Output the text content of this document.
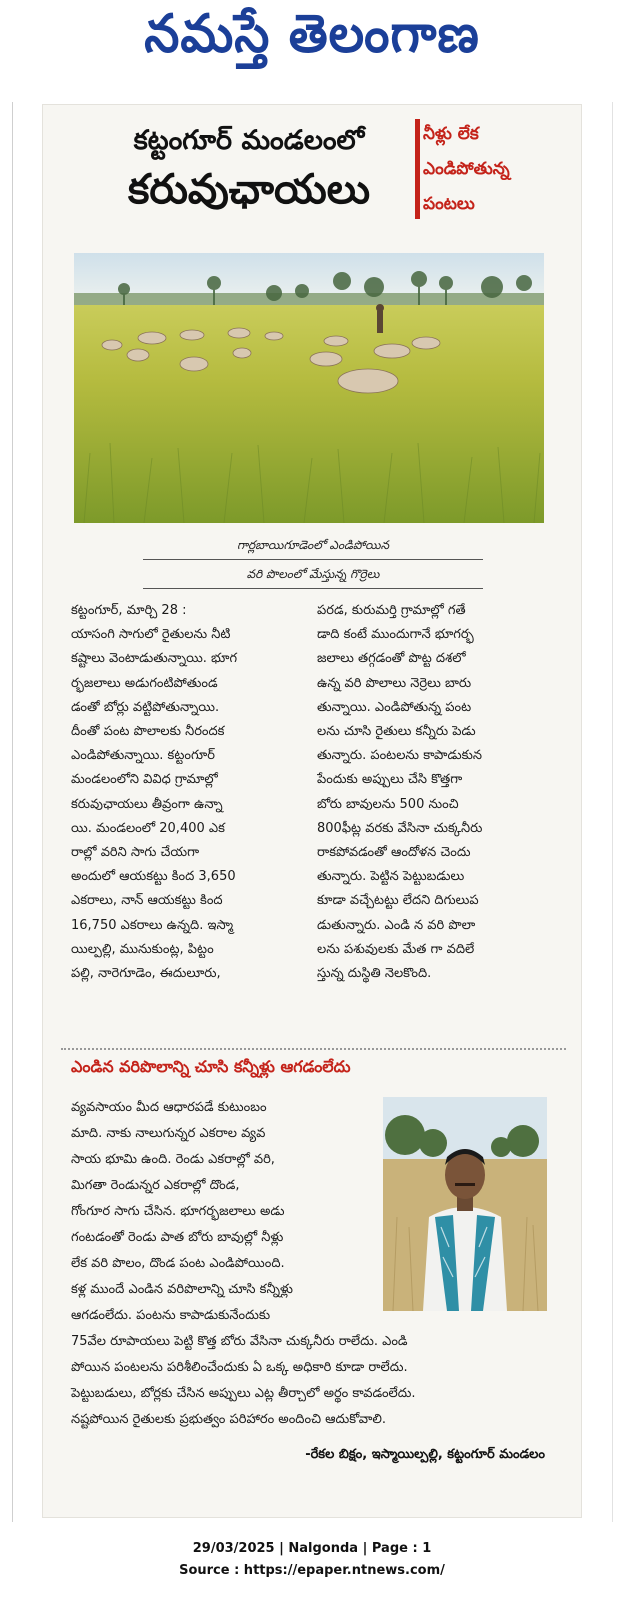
నమస్తే తెలంగాణ
కట్టంగూర్ మండలంలో
కరువుఛాయలు
నీళ్లు లేక
ఎండిపోతున్న
పంటలు
గార్లబాయిగూడెంలో ఎండిపోయిన
వరి పొలంలో మేస్తున్న గొర్రెలు
కట్టంగూర్, మార్చి 28 :
యాసంగి సాగులో రైతులను నీటి
కష్టాలు వెంటాడుతున్నాయి. భూగ
ర్భజలాలు అడుగంటిపోతుండ
డంతో బోర్లు వట్టిపోతున్నాయి.
దీంతో పంట పొలాలకు నీరందక
ఎండిపోతున్నాయి. కట్టంగూర్
మండలంలోని వివిధ గ్రామాల్లో
కరువుఛాయలు తీవ్రంగా ఉన్నా
యి. మండలంలో 20,400 ఎక
రాల్లో వరిని సాగు చేయగా
అందులో ఆయకట్టు కింద 3,650
ఎకరాలు, నాన్ ఆయకట్టు కింద
16,750 ఎకరాలు ఉన్నది. ఇస్మా
యిల్పల్లి, మునుకుంట్ల, పిట్టం
పల్లి, నారెగూడెం, ఈదులూరు,
పరడ, కురుమర్తి గ్రామాల్లో గతే
డాది కంటే ముందుగానే భూగర్భ
జలాలు తగ్గడంతో పొట్ట దశలో
ఉన్న వరి పొలాలు నెర్రెలు బారు
తున్నాయి. ఎండిపోతున్న పంట
లను చూసి రైతులు కన్నీరు పెడు
తున్నారు. పంటలను కాపాడుకున
పేందుకు అప్పులు చేసి కొత్తగా
బోరు బావులను 500 నుంచి
800ఫీట్ల వరకు వేసినా చుక్కనీరు
రాకపోవడంతో ఆందోళన చెందు
తున్నారు. పెట్టిన పెట్టుబడులు
కూడా వచ్చేటట్టు లేదని దిగులుప
డుతున్నారు. ఎండి న వరి పొలా
లను పశువులకు మేత గా వదిలే
స్తున్న దుస్థితి నెలకొంది.
ఎండిన వరిపొలాన్ని చూసి కన్నీళ్లు ఆగడంలేదు
వ్యవసాయం మీద ఆధారపడే కుటుంబం
మాది. నాకు నాలుగున్నర ఎకరాల వ్యవ
సాయ భూమి ఉంది. రెండు ఎకరాల్లో వరి,
మిగతా రెండున్నర ఎకరాల్లో దొండ,
గోంగూర సాగు చేసిన. భూగర్భజలాలు అడు
గంటడంతో రెండు పాత బోరు బావుల్లో నీళ్లు
లేక వరి పొలం, దొండ పంట ఎండిపోయింది.
కళ్ల ముందే ఎండిన వరిపొలాన్ని చూసి కన్నీళ్లు
ఆగడంలేదు. పంటను కాపాడుకునేందుకు
75వేల రూపాయలు పెట్టి కొత్త బోరు వేసినా చుక్కనీరు రాలేదు. ఎండి
పోయిన పంటలను పరిశీలించేందుకు ఏ ఒక్క అధికారి కూడా రాలేదు.
పెట్టుబడులు, బోర్లకు చేసిన అప్పులు ఎట్ల తీర్చాలో అర్థం కావడంలేదు.
నష్టపోయిన రైతులకు ప్రభుత్వం పరిహారం అందించి ఆదుకోవాలి.
-రేకల బిక్షం, ఇస్మాయిల్పల్లి, కట్టంగూర్ మండలం
29/03/2025 | Nalgonda | Page : 1
Source : https://epaper.ntnews.com/
